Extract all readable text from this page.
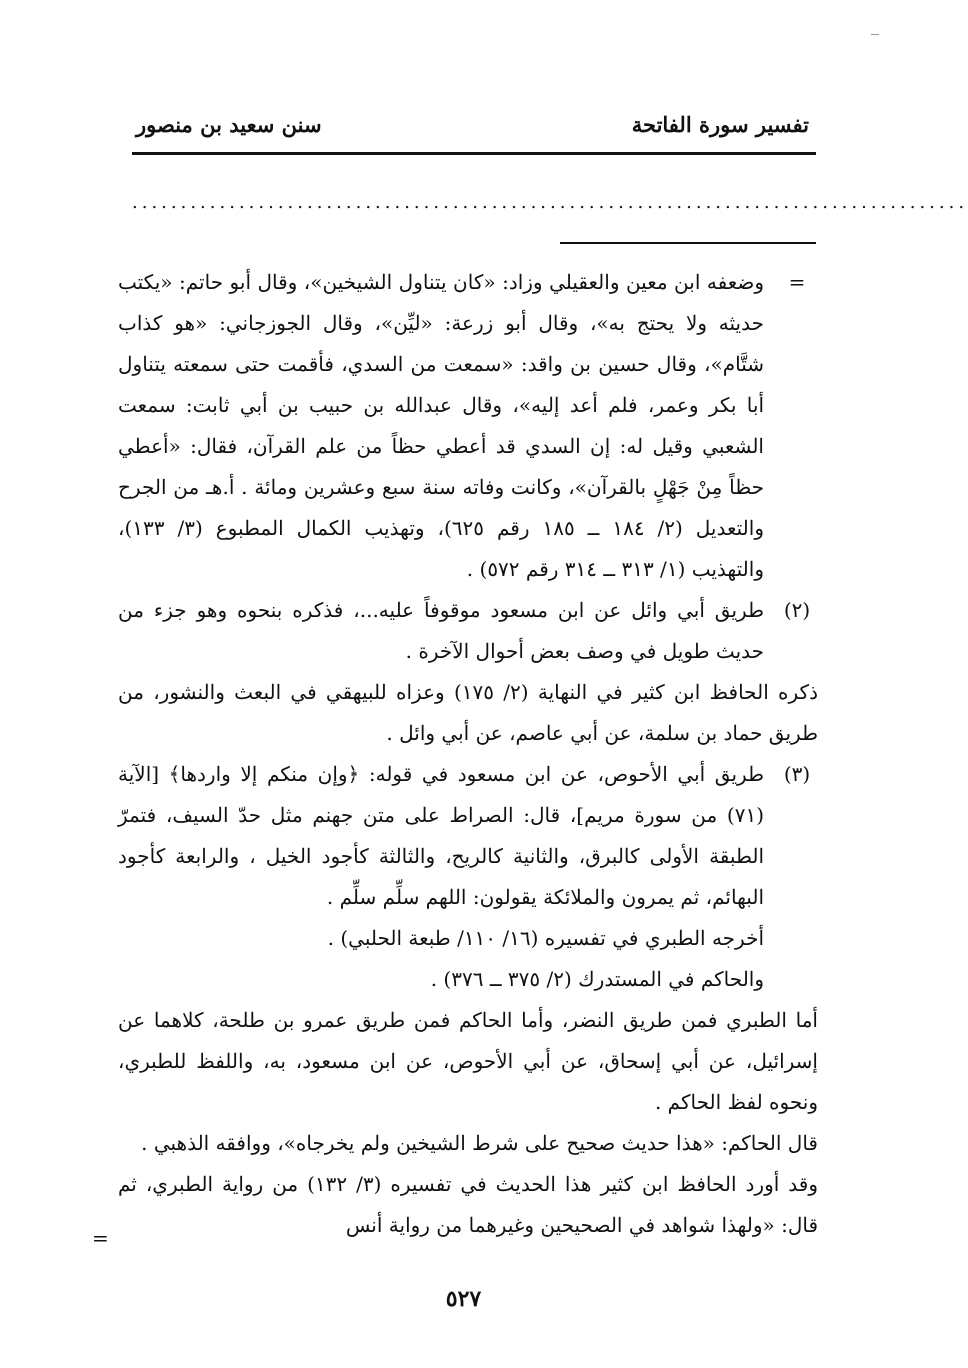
تفسير سورة الفاتحة
سنن سعيد بن منصور
......................................................................................
=
وضعفه ابن معين والعقيلي وزاد: «كان يتناول الشيخين»، وقال أبو حاتم: «يكتب حديثه ولا يحتج به»، وقال أبو زرعة: «ليِّن»، وقال الجوزجاني: «هو كذاب شتَّام»، وقال حسين بن واقد: «سمعت من السدي، فأقمت حتى سمعته يتناول أبا بكر وعمر، فلم أعد إليه»، وقال عبدالله بن حبيب بن أبي ثابت: سمعت الشعبي وقيل له: إن السدي قد أعطي حظاً من علم القرآن، فقال: «أعطي حظاً مِنْ جَهْلٍ بالقرآن»، وكانت وفاته سنة سبع وعشرين ومائة . أ.هـ من الجرح والتعديل (٢/ ١٨٤ ــ ١٨٥ رقم ٦٢٥)، وتهذيب الكمال المطبوع (٣/ ١٣٣)، والتهذيب (١/ ٣١٣ ــ ٣١٤ رقم ٥٧٢) .
(٢)
طريق أبي وائل عن ابن مسعود موقوفاً عليه...، فذكره بنحوه وهو جزء من حديث طويل في وصف بعض أحوال الآخرة .
ذكره الحافظ ابن كثير في النهاية (٢/ ١٧٥) وعزاه للبيهقي في البعث والنشور، من طريق حماد بن سلمة، عن أبي عاصم، عن أبي وائل .
(٣)
طريق أبي الأحوص، عن ابن مسعود في قوله: ﴿وإن منكم إلا واردها﴾ [الآية (٧١) من سورة مريم]، قال: الصراط على متن جهنم مثل حدّ السيف، فتمرّ الطبقة الأولى كالبرق، والثانية كالريح، والثالثة كأجود الخيل ، والرابعة كأجود البهائم، ثم يمرون والملائكة يقولون: اللهم سلِّم سلِّم .
أخرجه الطبري في تفسيره (١٦/ ١١٠/ طبعة الحلبي) .
والحاكم في المستدرك (٢/ ٣٧٥ ــ ٣٧٦) .
أما الطبري فمن طريق النضر، وأما الحاكم فمن طريق عمرو بن طلحة، كلاهما عن إسرائيل، عن أبي إسحاق، عن أبي الأحوص، عن ابن مسعود، به، واللفظ للطبري، ونحوه لفظ الحاكم .
قال الحاكم: «هذا حديث صحيح على شرط الشيخين ولم يخرجاه»، ووافقه الذهبي .
وقد أورد الحافظ ابن كثير هذا الحديث في تفسيره (٣/ ١٣٢) من رواية الطبري، ثم قال: «ولهذا شواهد في الصحيحين وغيرهما من رواية أنس
=
٥٢٧
